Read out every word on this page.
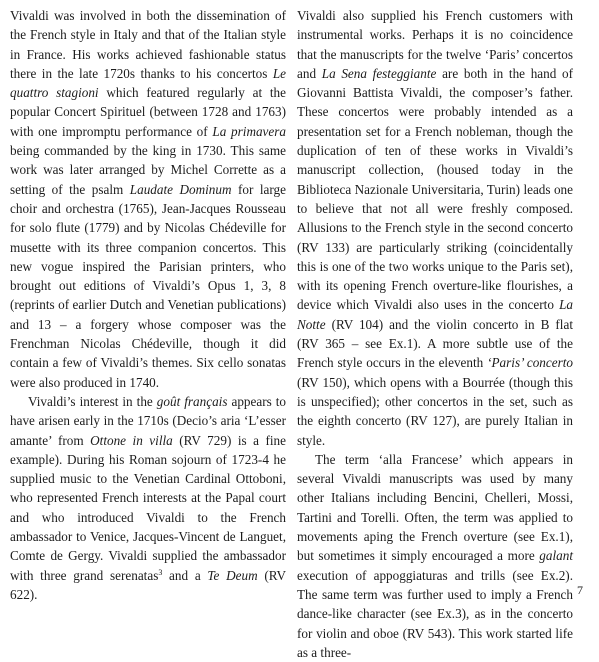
Vivaldi was involved in both the dissemination of the French style in Italy and that of the Italian style in France. His works achieved fashionable status there in the late 1720s thanks to his concertos Le quattro stagioni which featured regularly at the popular Concert Spirituel (between 1728 and 1763) with one impromptu performance of La primavera being commanded by the king in 1730. This same work was later arranged by Michel Corrette as a setting of the psalm Laudate Dominum for large choir and orchestra (1765), Jean-Jacques Rousseau for solo flute (1779) and by Nicolas Chédeville for musette with its three companion concertos. This new vogue inspired the Parisian printers, who brought out editions of Vivaldi’s Opus 1, 3, 8 (reprints of earlier Dutch and Venetian publications) and 13 – a forgery whose composer was the Frenchman Nicolas Chédeville, though it did contain a few of Vivaldi’s themes. Six cello sonatas were also produced in 1740.

Vivaldi’s interest in the goût français appears to have arisen early in the 1710s (Decio’s aria ‘L’esser amante’ from Ottone in villa (RV 729) is a fine example). During his Roman sojourn of 1723-4 he supplied music to the Venetian Cardinal Ottoboni, who represented French interests at the Papal court and who introduced Vivaldi to the French ambassador to Venice, Jacques-Vincent de Languet, Comte de Gergy. Vivaldi supplied the ambassador with three grand serenatas$^3$ and a Te Deum (RV 622).

Vivaldi also supplied his French customers with instrumental works. Perhaps it is no coincidence that the manuscripts for the twelve ‘Paris’ concertos and La Sena festeggiante are both in the hand of Giovanni Battista Vivaldi, the composer’s father. These concertos were probably intended as a presentation set for a French nobleman, though the duplication of ten of these works in Vivaldi’s manuscript collection, (housed today in the Biblioteca Nazionale Universitaria, Turin) leads one to believe that not all were freshly composed. Allusions to the French style in the second concerto (RV 133) are particularly striking (coincidentally this is one of the two works unique to the Paris set), with its opening French overture-like flourishes, a device which Vivaldi also uses in the concerto La Notte (RV 104) and the violin concerto in B flat (RV 365 – see Ex.1). A more subtle use of the French style occurs in the eleventh ‘Paris’ concerto (RV 150), which opens with a Bourrée (though this is unspecified); other concertos in the set, such as the eighth concerto (RV 127), are purely Italian in style.

The term ‘alla Francese’ which appears in several Vivaldi manuscripts was used by many other Italians including Bencini, Chelleri, Mossi, Tartini and Torelli. Often, the term was applied to movements aping the French overture (see Ex.1), but sometimes it simply encouraged a more galant execution of appoggiaturas and trills (see Ex.2). The same term was further used to imply a French dance-like character (see Ex.3), as in the concerto for violin and oboe (RV 543). This work started life as a three-

7
